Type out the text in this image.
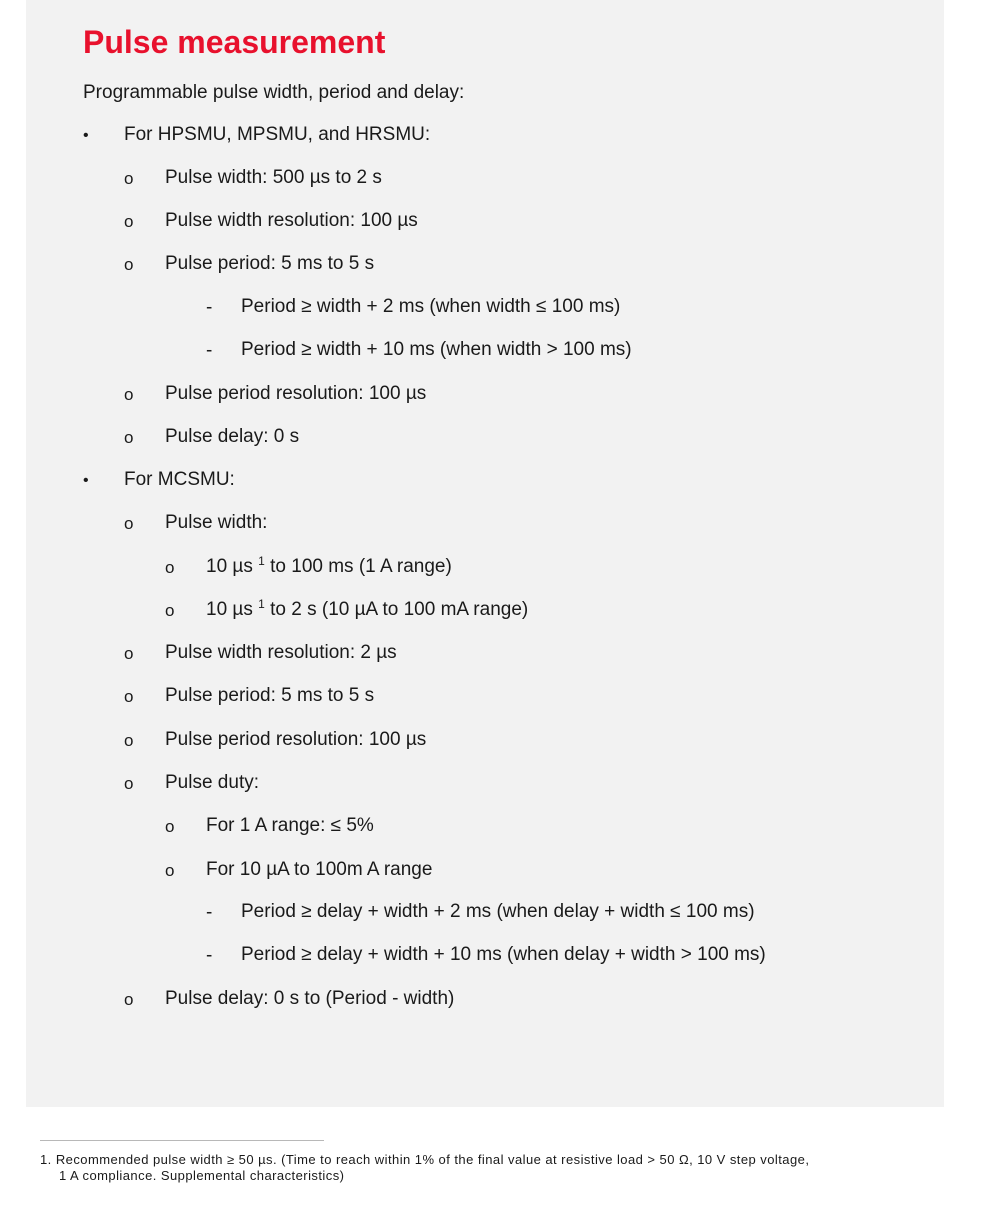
Pulse measurement
Programmable pulse width, period and delay:
• For HPSMU, MPSMU, and HRSMU:
o Pulse width: 500 µs to 2 s
o Pulse width resolution: 100 µs
o Pulse period: 5 ms to 5 s
- Period ≥ width + 2 ms (when width ≤ 100 ms)
- Period ≥ width + 10 ms (when width > 100 ms)
o Pulse period resolution: 100 µs
o Pulse delay: 0 s
• For MCSMU:
o Pulse width:
o 10 µs $^1$ to 100 ms (1 A range)
o 10 µs $^1$ to 2 s (10 µA to 100 mA range)
o Pulse width resolution: 2 µs
o Pulse period: 5 ms to 5 s
o Pulse period resolution: 100 µs
o Pulse duty:
o For 1 A range: ≤ 5%
o For 10 µA to 100m A range
- Period ≥ delay + width + 2 ms (when delay + width ≤ 100 ms)
- Period ≥ delay + width + 10 ms (when delay + width > 100 ms)
o Pulse delay: 0 s to (Period - width)
1. Recommended pulse width ≥ 50 µs. (Time to reach within 1% of the final value at resistive load > 50 Ω, 10 V step voltage,
1 A compliance. Supplemental characteristics)
